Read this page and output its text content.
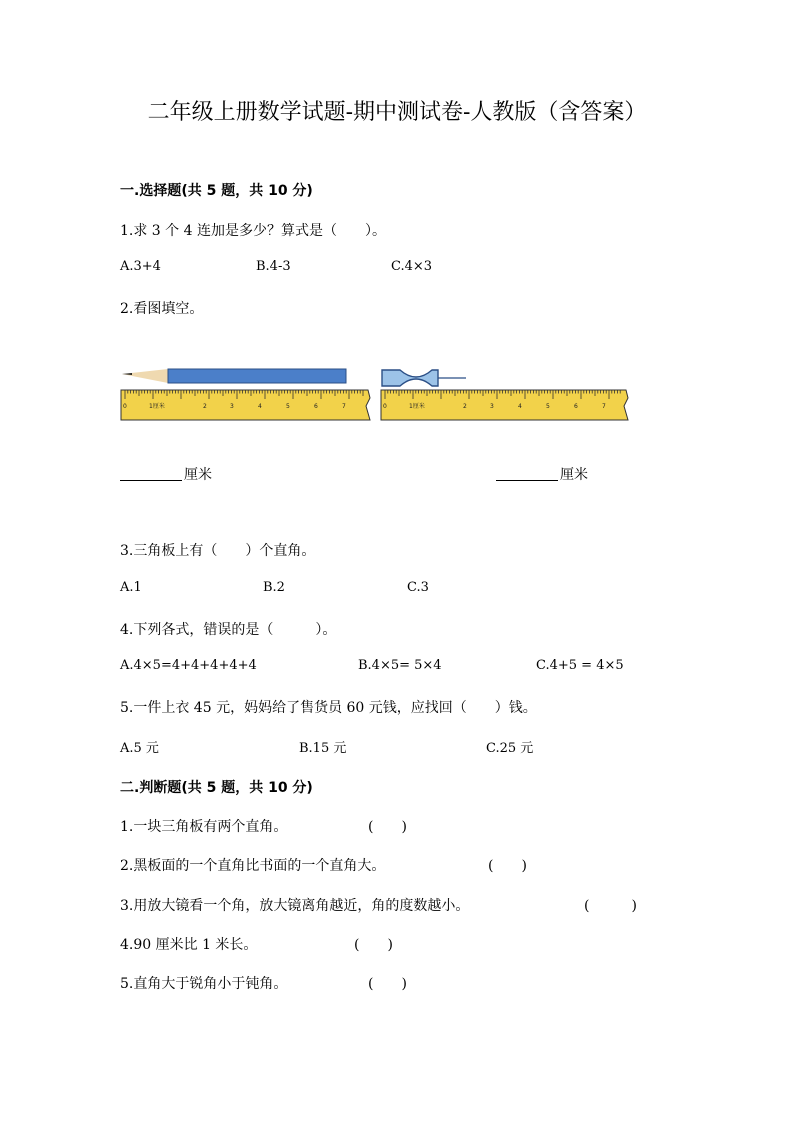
二年级上册数学试题-期中测试卷-人教版（含答案）
一.选择题(共 5 题，共 10 分)
1.求 3 个 4 连加是多少？算式是（　　）。
A.3+4	B.4-3	C.4×3
2.看图填空。
0	1厘米	2	3	4	5	6	7	0	1厘米	2	3	4	5	6	7
厘米	厘米
3.三角板上有（　　）个直角。
A.1	B.2	C.3
4.下列各式，错误的是（　　　）。
A.4×5=4+4+4+4+4	B.4×5= 5×4	C.4+5 = 4×5
5.一件上衣 45 元，妈妈给了售货员 60 元钱，应找回（　　）钱。
A.5 元	B.15 元	C.25 元
二.判断题(共 5 题，共 10 分)
1.一块三角板有两个直角。	(　　)
2.黑板面的一个直角比书面的一个直角大。	(　　)
3.用放大镜看一个角，放大镜离角越近，角的度数越小。	(　　　)
4.90 厘米比 1 米长。	(　　)
5.直角大于锐角小于钝角。	(　　)
